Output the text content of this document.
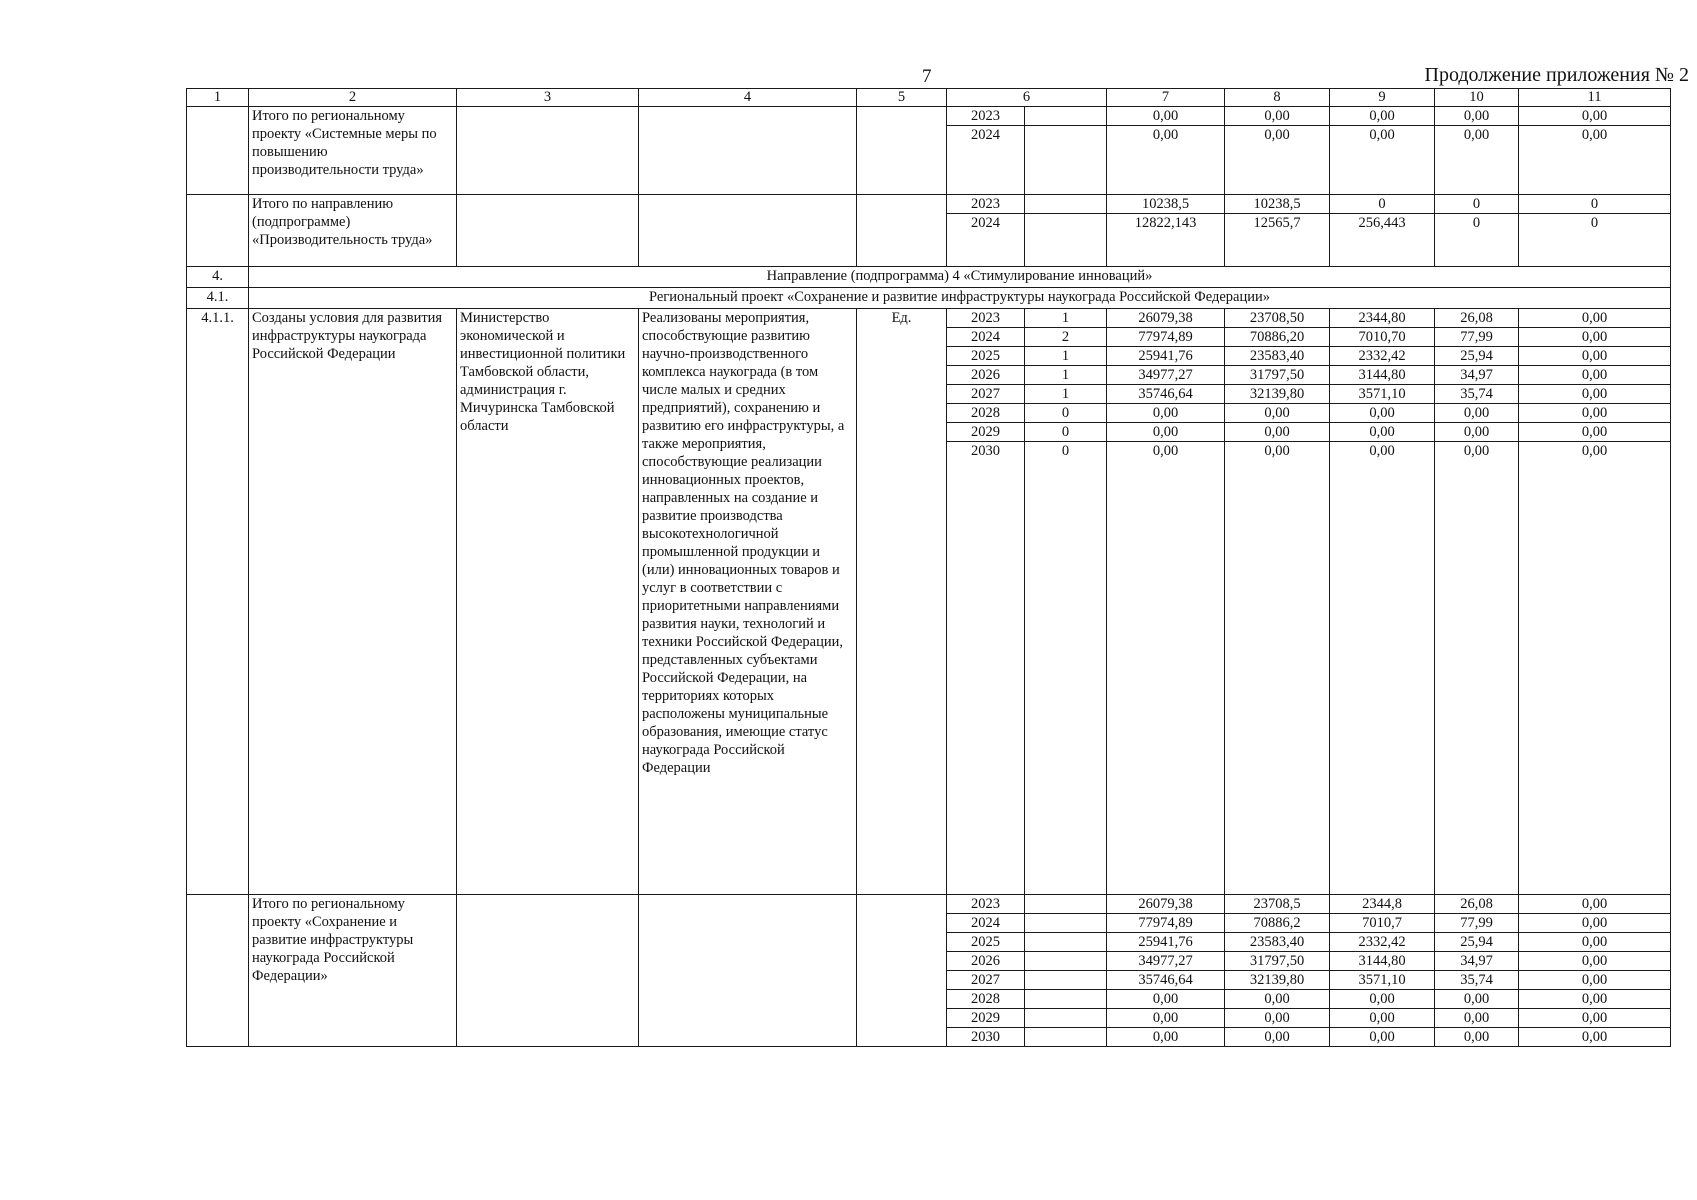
7	Продолжение приложения № 2
1	2	3	4	5	6		7	8	9	10	11
	Итого по региональному проекту «Системные меры по повышению производительности труда»				2023		0,00	0,00	0,00	0,00	0,00
					2024		0,00	0,00	0,00	0,00	0,00
	Итого по направлению (подпрограмме) «Производительность труда»				2023		10238,5	10238,5	0	0	0
					2024		12822,143	12565,7	256,443	0	0
4.	Направление (подпрограмма) 4 «Стимулирование инноваций»										
4.1.	Региональный проект «Сохранение и развитие инфраструктуры наукограда Российской Федерации»										
4.1.1.	Созданы условия для развития инфраструктуры наукограда Российской Федерации	Министерство экономической и инвестиционной политики Тамбовской области, администрация г. Мичуринска Тамбовской области	Реализованы мероприятия, способствующие развитию научно-производственного комплекса наукограда (в том числе малых и средних предприятий), сохранению и развитию его инфраструктуры, а также мероприятия, способствующие реализации инновационных проектов, направленных на создание и развитие производства высокотехнологичной промышленной продукции и (или) инновационных товаров и услуг в соответствии с приоритетными направлениями развития науки, технологий и техники Российской Федерации, представленных субъектами Российской Федерации, на территориях которых расположены муниципальные образования, имеющие статус наукограда Российской Федерации	Ед.	2023	1	26079,38	23708,50	2344,80	26,08	0,00
					2024	2	77974,89	70886,20	7010,70	77,99	0,00
					2025	1	25941,76	23583,40	2332,42	25,94	0,00
					2026	1	34977,27	31797,50	3144,80	34,97	0,00
					2027	1	35746,64	32139,80	3571,10	35,74	0,00
					2028	0	0,00	0,00	0,00	0,00	0,00
					2029	0	0,00	0,00	0,00	0,00	0,00
					2030	0	0,00	0,00	0,00	0,00	0,00
	Итого по региональному проекту «Сохранение и развитие инфраструктуры наукограда Российской Федерации»				2023		26079,38	23708,5	2344,8	26,08	0,00
					2024		77974,89	70886,2	7010,7	77,99	0,00
					2025		25941,76	23583,40	2332,42	25,94	0,00
					2026		34977,27	31797,50	3144,80	34,97	0,00
					2027		35746,64	32139,80	3571,10	35,74	0,00
					2028		0,00	0,00	0,00	0,00	0,00
					2029		0,00	0,00	0,00	0,00	0,00
					2030		0,00	0,00	0,00	0,00	0,00
